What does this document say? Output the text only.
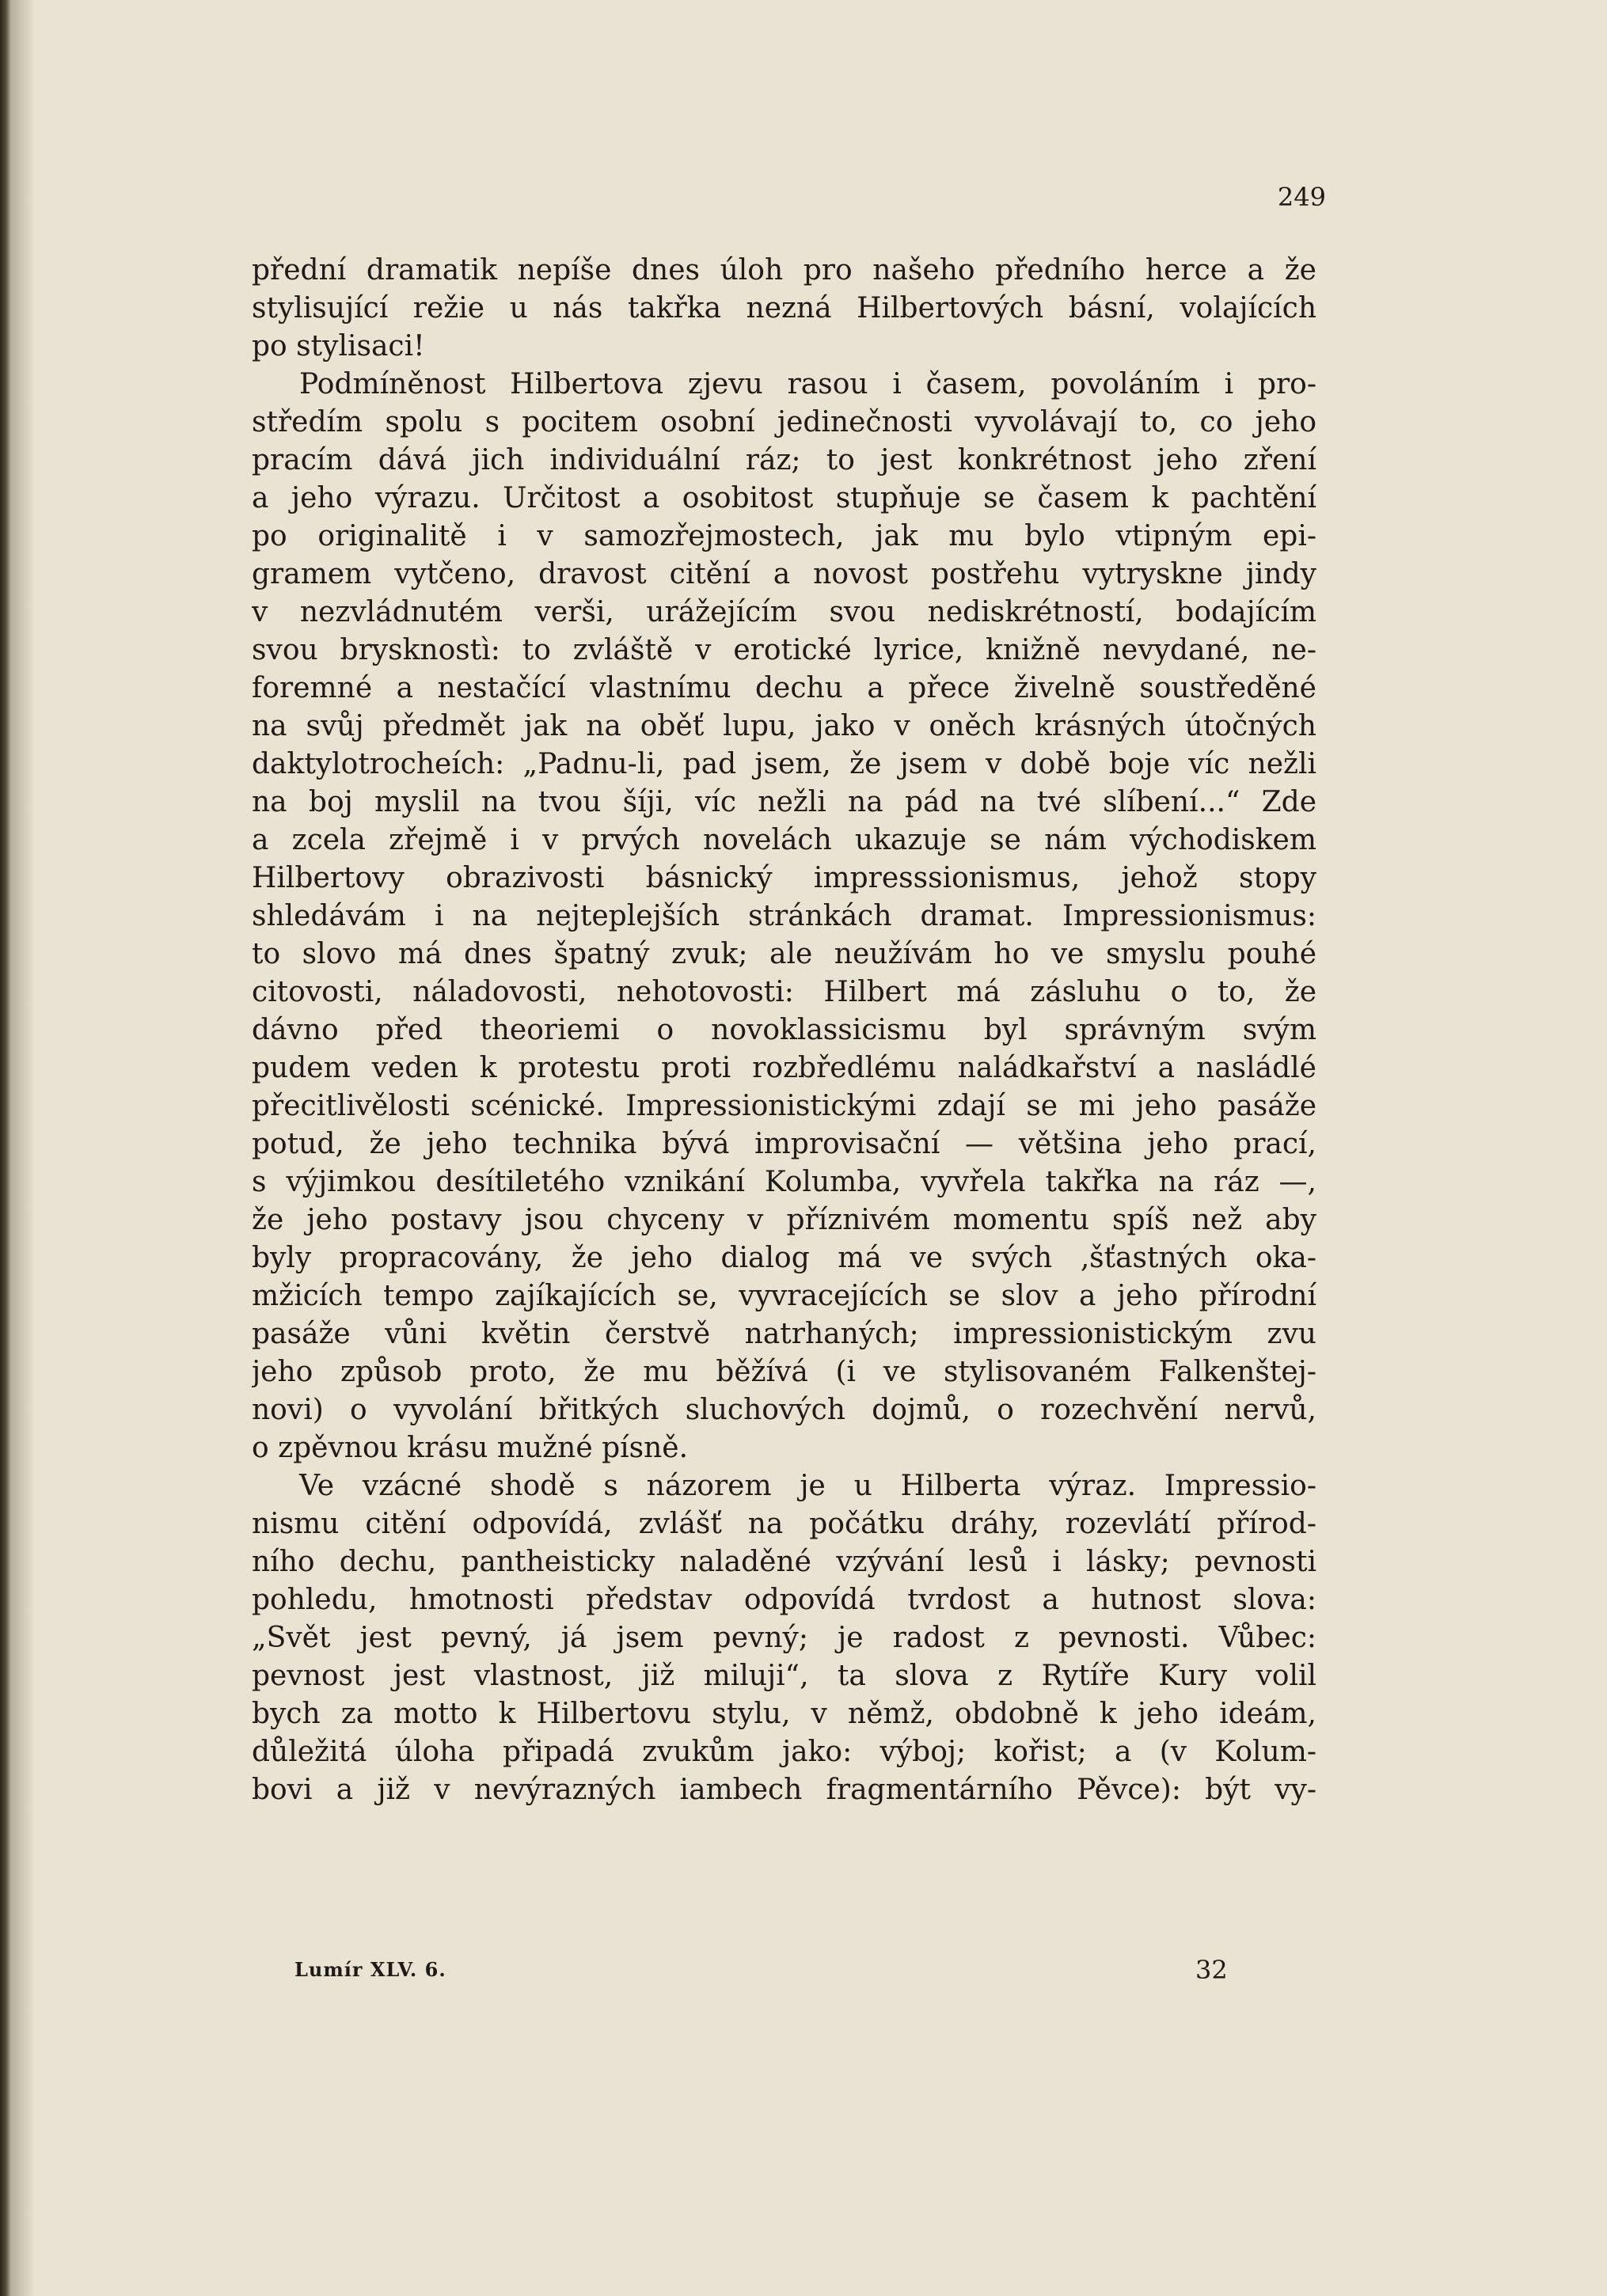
249
přední dramatik nepíše dnes úloh pro našeho předního herce a že
stylisující režie u nás takřka nezná Hilbertových básní, volajících
po stylisaci!
Podmíněnost Hilbertova zjevu rasou i časem, povoláním i pro-
středím spolu s pocitem osobní jedinečnosti vyvolávají to, co jeho
pracím dává jich individuální ráz; to jest konkrétnost jeho zření
a jeho výrazu. Určitost a osobitost stupňuje se časem k pachtění
po originalitě i v samozřejmostech, jak mu bylo vtipným epi-
gramem vytčeno, dravost citění a novost postřehu vytryskne jindy
v nezvládnutém verši, urážejícím svou nediskrétností, bodajícím
svou brysknostì: to zvláště v erotické lyrice, knižně nevydané, ne-
foremné a nestačící vlastnímu dechu a přece živelně soustředěné
na svůj předmět jak na oběť lupu, jako v oněch krásných útočných
daktylotrocheích: „Padnu-li, pad jsem, že jsem v době boje víc nežli
na boj myslil na tvou šíji, víc nežli na pád na tvé slíbení...“ Zde
a zcela zřejmě i v prvých novelách ukazuje se nám východiskem
Hilbertovy obrazivosti básnický impresssionismus, jehož stopy
shledávám i na nejteplejších stránkách dramat. Impressionismus:
to slovo má dnes špatný zvuk; ale neužívám ho ve smyslu pouhé
citovosti, náladovosti, nehotovosti: Hilbert má zásluhu o to, že
dávno před theoriemi o novoklassicismu byl správným svým
pudem veden k protestu proti rozbředlému naládkařství a nasládlé
přecitlivělosti scénické. Impressionistickými zdají se mi jeho pasáže
potud, že jeho technika bývá improvisační — většina jeho prací,
s výjimkou desítiletého vznikání Kolumba, vyvřela takřka na ráz —,
že jeho postavy jsou chyceny v příznivém momentu spíš než aby
byly propracovány, že jeho dialog má ve svých ‚šťastných oka-
mžicích tempo zajíkajících se, vyvracejících se slov a jeho přírodní
pasáže vůni květin čerstvě natrhaných; impressionistickým zvu
jeho způsob proto, že mu běžívá (i ve stylisovaném Falkenštej-
novi) o vyvolání břitkých sluchových dojmů, o rozechvění nervů,
o zpěvnou krásu mužné písně.
Ve vzácné shodě s názorem je u Hilberta výraz. Impressio-
nismu citění odpovídá, zvlášť na počátku dráhy, rozevlátí přírod-
ního dechu, pantheisticky naladěné vzývání lesů i lásky; pevnosti
pohledu, hmotnosti představ odpovídá tvrdost a hutnost slova:
„Svět jest pevný, já jsem pevný; je radost z pevnosti. Vůbec:
pevnost jest vlastnost, již miluji“, ta slova z Rytíře Kury volil
bych za motto k Hilbertovu stylu, v němž, obdobně k jeho ideám,
důležitá úloha připadá zvukům jako: výboj; kořist; a (v Kolum-
bovi a již v nevýrazných iambech fragmentárního Pěvce): být vy-
Lumír XLV. 6.	32
